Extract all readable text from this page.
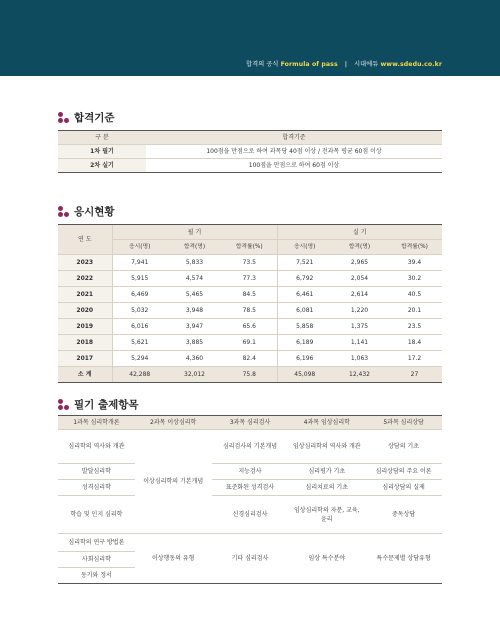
합격의 공식 Formula of pass | 시대에듀 www.sdedu.co.kr
합격기준
구 분	합격기준
1차 필기	100점을 만점으로 하여 과목당 40점 이상 / 전과목 평균 60점 이상
2차 실기	100점을 만점으로 하여 60점 이상
응시현황
연 도	필 기			실 기		
	응시(명)	합격(명)	합격률(%)	응시(명)	합격(명)	합격률(%)
2023	7,941	5,833	73.5	7,521	2,965	39.4
2022	5,915	4,574	77.3	6,792	2,054	30.2
2021	6,469	5,465	84.5	6,461	2,614	40.5
2020	5,032	3,948	78.5	6,081	1,220	20.1
2019	6,016	3,947	65.6	5,858	1,375	23.5
2018	5,621	3,885	69.1	6,189	1,141	18.4
2017	5,294	4,360	82.4	6,196	1,063	17.2
소 계	42,288	32,012	75.8	45,098	12,432	27
필기 출제항목
1과목 심리학개론	2과목 이상심리학	3과목 심리검사	4과목 임상심리학	5과목 심리상담
심리학의 역사와 개관	이상심리학의 기본개념	심리검사의 기본개념	임상심리학의 역사와 개관	상담의 기초
발달심리학		지능검사	심리평가 기초	심리상담의 주요 이론
성격심리학		표준화된 성격검사	심리치료의 기초	심리상담의 실제
학습 및 인지 심리학		신경심리검사	임상심리학의 자문, 교육, 윤리	중독상담
심리학의 연구 방법론	이상행동의 유형	기타 심리검사	임상 특수분야	특수문제별 상담유형
사회심리학				
동기와 정서				
